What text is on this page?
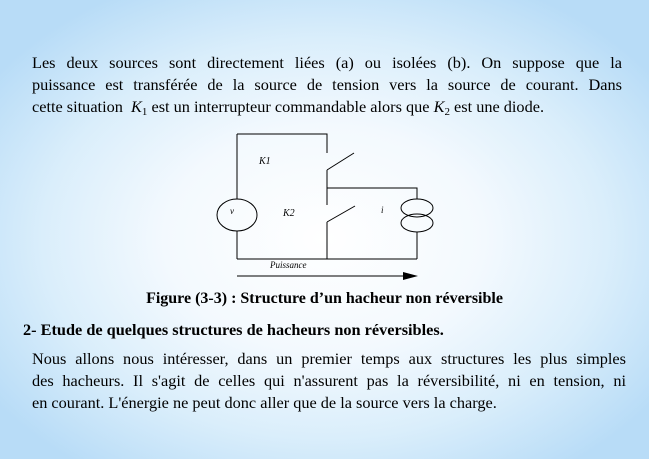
Les deux sources sont directement liées (a) ou isolées (b). On suppose que la
puissance est transférée de la source de tension vers la source de courant. Dans
cette situation  $K_1$ est un interrupteur commandable alors que $K_2$ est une diode.

K1
K2
v	i
Puissance
Figure (3-3) : Structure d’un hacheur non réversible
2- Etude de quelques structures de hacheurs non réversibles.

Nous allons nous intéresser, dans un premier temps aux structures les plus simples
des hacheurs. Il s'agit de celles qui n'assurent pas la réversibilité, ni en tension, ni
en courant. L'énergie ne peut donc aller que de la source vers la charge.
